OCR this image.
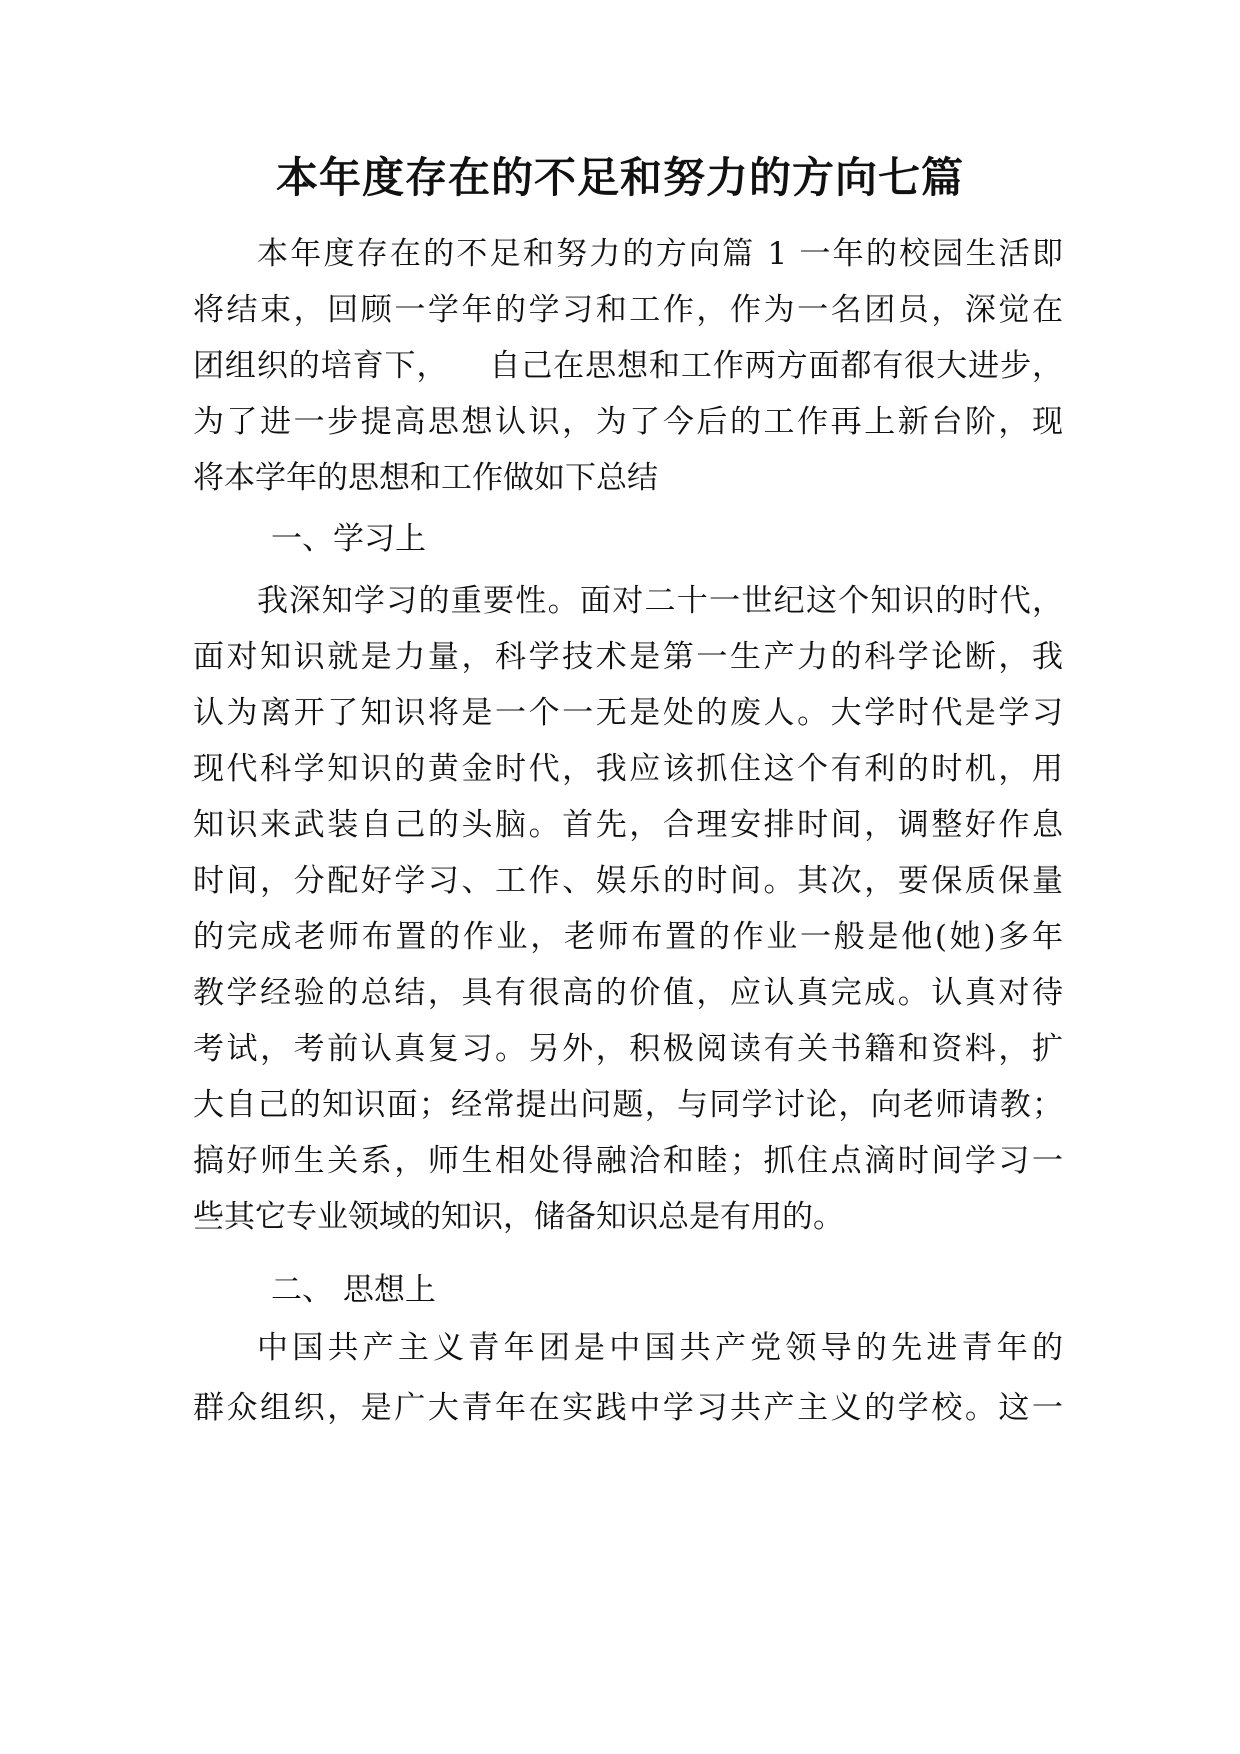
本年度存在的不足和努力的方向七篇
本年度存在的不足和努力的方向篇 1 一年的校园生活即
将结束，回顾一学年的学习和工作，作为一名团员，深觉在
团组织的培育下， 自己在思想和工作两方面都有很大进步，
为了进一步提高思想认识，为了今后的工作再上新台阶，现
将本学年的思想和工作做如下总结
一、学习上
我深知学习的重要性。面对二十一世纪这个知识的时代，
面对知识就是力量，科学技术是第一生产力的科学论断，我
认为离开了知识将是一个一无是处的废人。大学时代是学习
现代科学知识的黄金时代，我应该抓住这个有利的时机，用
知识来武装自己的头脑。首先，合理安排时间，调整好作息
时间，分配好学习、工作、娱乐的时间。其次，要保质保量
的完成老师布置的作业，老师布置的作业一般是他(她)多年
教学经验的总结，具有很高的价值，应认真完成。认真对待
考试，考前认真复习。另外，积极阅读有关书籍和资料，扩
大自己的知识面；经常提出问题，与同学讨论，向老师请教；
搞好师生关系，师生相处得融洽和睦；抓住点滴时间学习一
些其它专业领域的知识，储备知识总是有用的。
二、 思想上
中国共产主义青年团是中国共产党领导的先进青年的
群众组织，是广大青年在实践中学习共产主义的学校。这一
